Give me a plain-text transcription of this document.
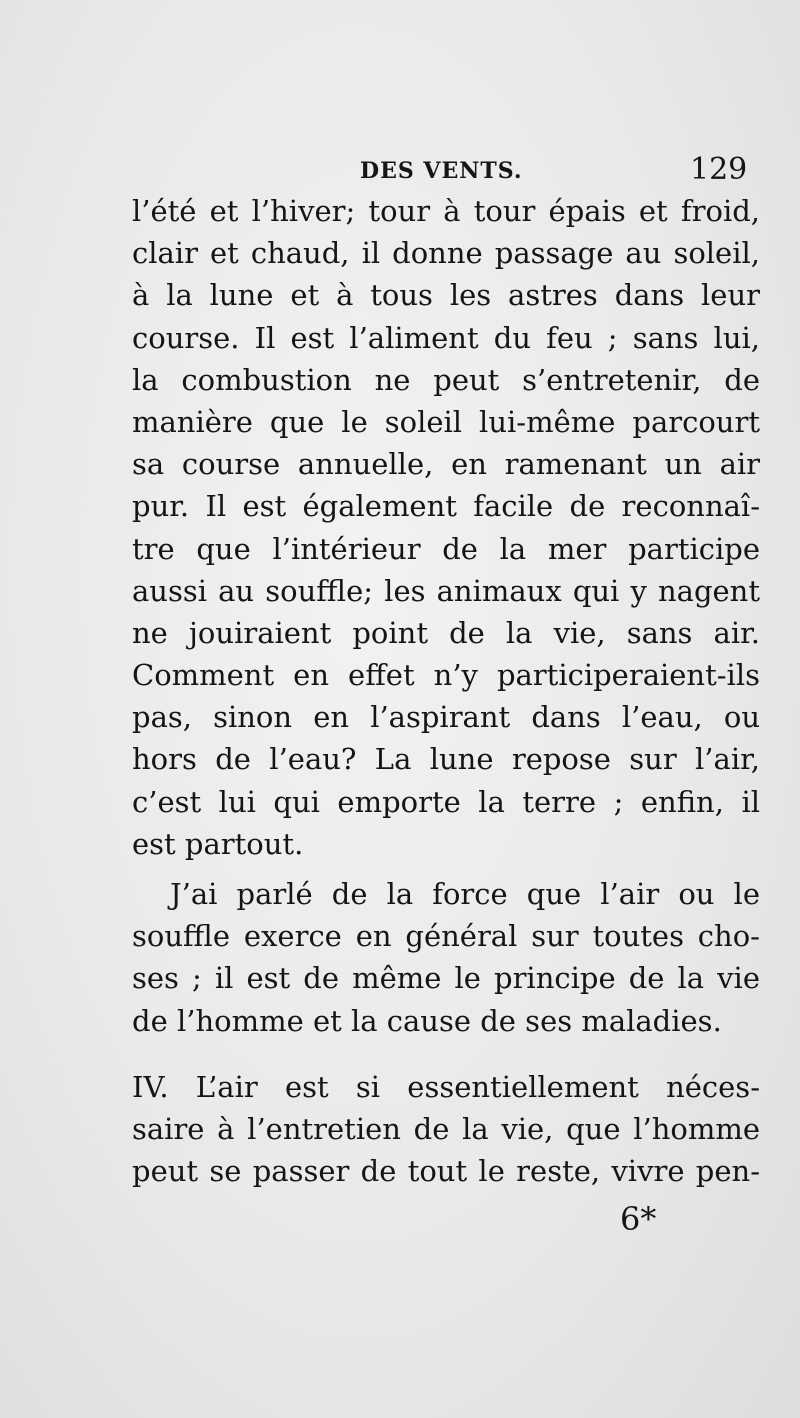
DES VENTS.	129

l’été et l’hiver; tour à tour épais et froid,
clair et chaud, il donne passage au soleil,
à la lune et à tous les astres dans leur
course. Il est l’aliment du feu ; sans lui,
la combustion ne peut s’entretenir, de
manière que le soleil lui-même parcourt
sa course annuelle, en ramenant un air
pur. Il est également facile de reconnaî-
tre que l’intérieur de la mer participe
aussi au souffle; les animaux qui y nagent
ne jouiraient point de la vie, sans air.
Comment en effet n’y participeraient-ils
pas, sinon en l’aspirant dans l’eau, ou
hors de l’eau? La lune repose sur l’air,
c’est lui qui emporte la terre ; enfin, il
est partout.

J’ai parlé de la force que l’air ou le
souffle exerce en général sur toutes cho-
ses ; il est de même le principe de la vie
de l’homme et la cause de ses maladies.

IV. L’air est si essentiellement néces-
saire à l’entretien de la vie, que l’homme
peut se passer de tout le reste, vivre pen-

6*
